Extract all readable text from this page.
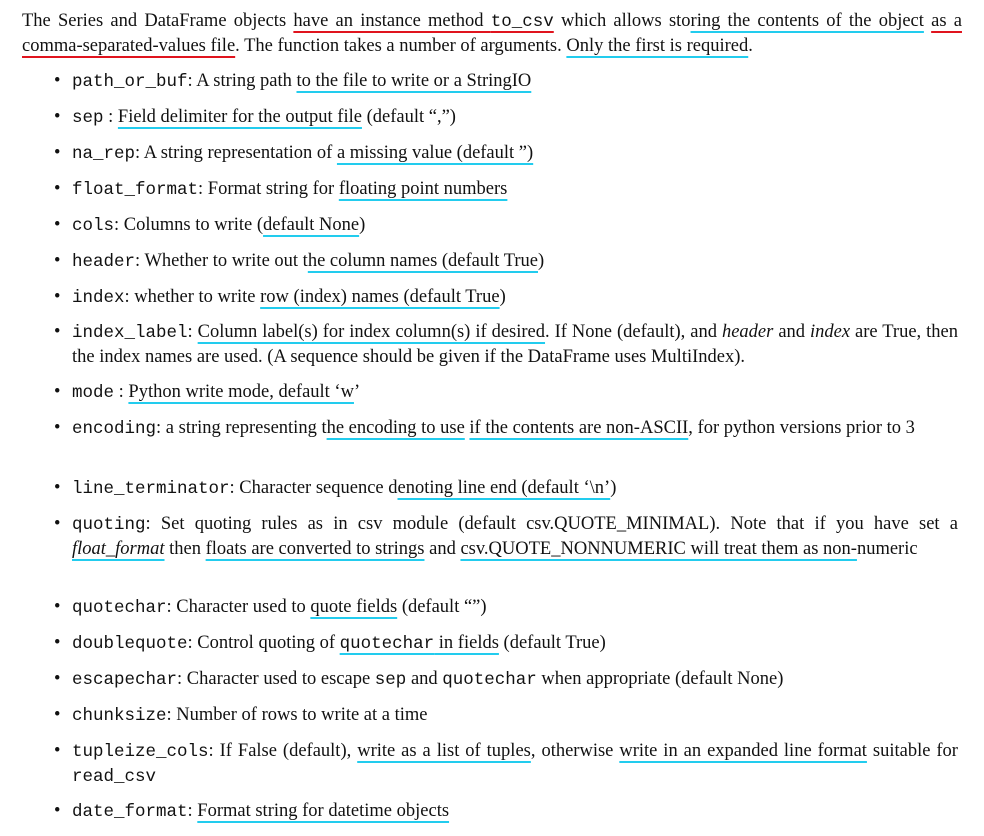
The Series and DataFrame objects have an instance method to_csv which allows storing the contents of the object as a comma-separated-values file. The function takes a number of arguments. Only the first is required.

• path_or_buf: A string path to the file to write or a StringIO
• sep : Field delimiter for the output file (default “,”)
• na_rep: A string representation of a missing value (default ”)
• float_format: Format string for floating point numbers
• cols: Columns to write (default None)
• header: Whether to write out the column names (default True)
• index: whether to write row (index) names (default True)
• index_label: Column label(s) for index column(s) if desired. If None (default), and header and index are True, then the index names are used. (A sequence should be given if the DataFrame uses MultiIndex).
• mode : Python write mode, default ‘w’
• encoding: a string representing the encoding to use if the contents are non-ASCII, for python versions prior to 3
• line_terminator: Character sequence denoting line end (default ‘\n’)
• quoting: Set quoting rules as in csv module (default csv.QUOTE_MINIMAL). Note that if you have set a float_format then floats are converted to strings and csv.QUOTE_NONNUMERIC will treat them as non-numeric
• quotechar: Character used to quote fields (default “”)
• doublequote: Control quoting of quotechar in fields (default True)
• escapechar: Character used to escape sep and quotechar when appropriate (default None)
• chunksize: Number of rows to write at a time
• tupleize_cols: If False (default), write as a list of tuples, otherwise write in an expanded line format suitable for read_csv
• date_format: Format string for datetime objects
